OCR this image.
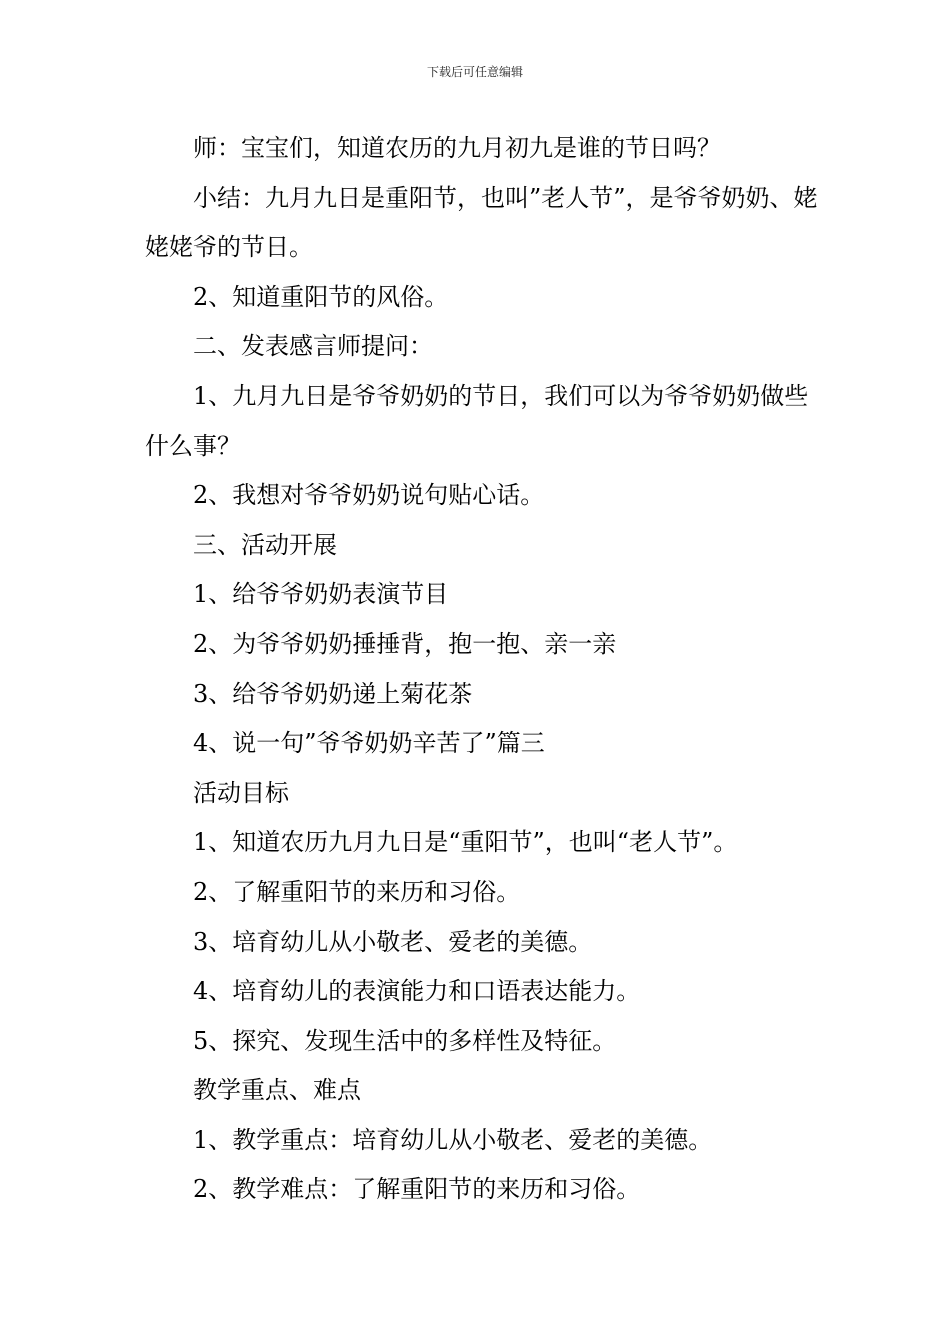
下载后可任意编辑

师：宝宝们，知道农历的九月初九是谁的节日吗？

小结：九月九日是重阳节，也叫”老人节”，是爷爷奶奶、姥姥姥爷的节日。

2、知道重阳节的风俗。

二、发表感言师提问：

1、九月九日是爷爷奶奶的节日，我们可以为爷爷奶奶做些什么事？

2、我想对爷爷奶奶说句贴心话。

三、活动开展

1、给爷爷奶奶表演节目

2、为爷爷奶奶捶捶背，抱一抱、亲一亲

3、给爷爷奶奶递上菊花茶

4、说一句”爷爷奶奶辛苦了”篇三

活动目标

1、知道农历九月九日是“重阳节”，也叫“老人节”。

2、了解重阳节的来历和习俗。

3、培育幼儿从小敬老、爱老的美德。

4、培育幼儿的表演能力和口语表达能力。

5、探究、发现生活中的多样性及特征。

教学重点、难点

1、教学重点：培育幼儿从小敬老、爱老的美德。

2、教学难点：了解重阳节的来历和习俗。
